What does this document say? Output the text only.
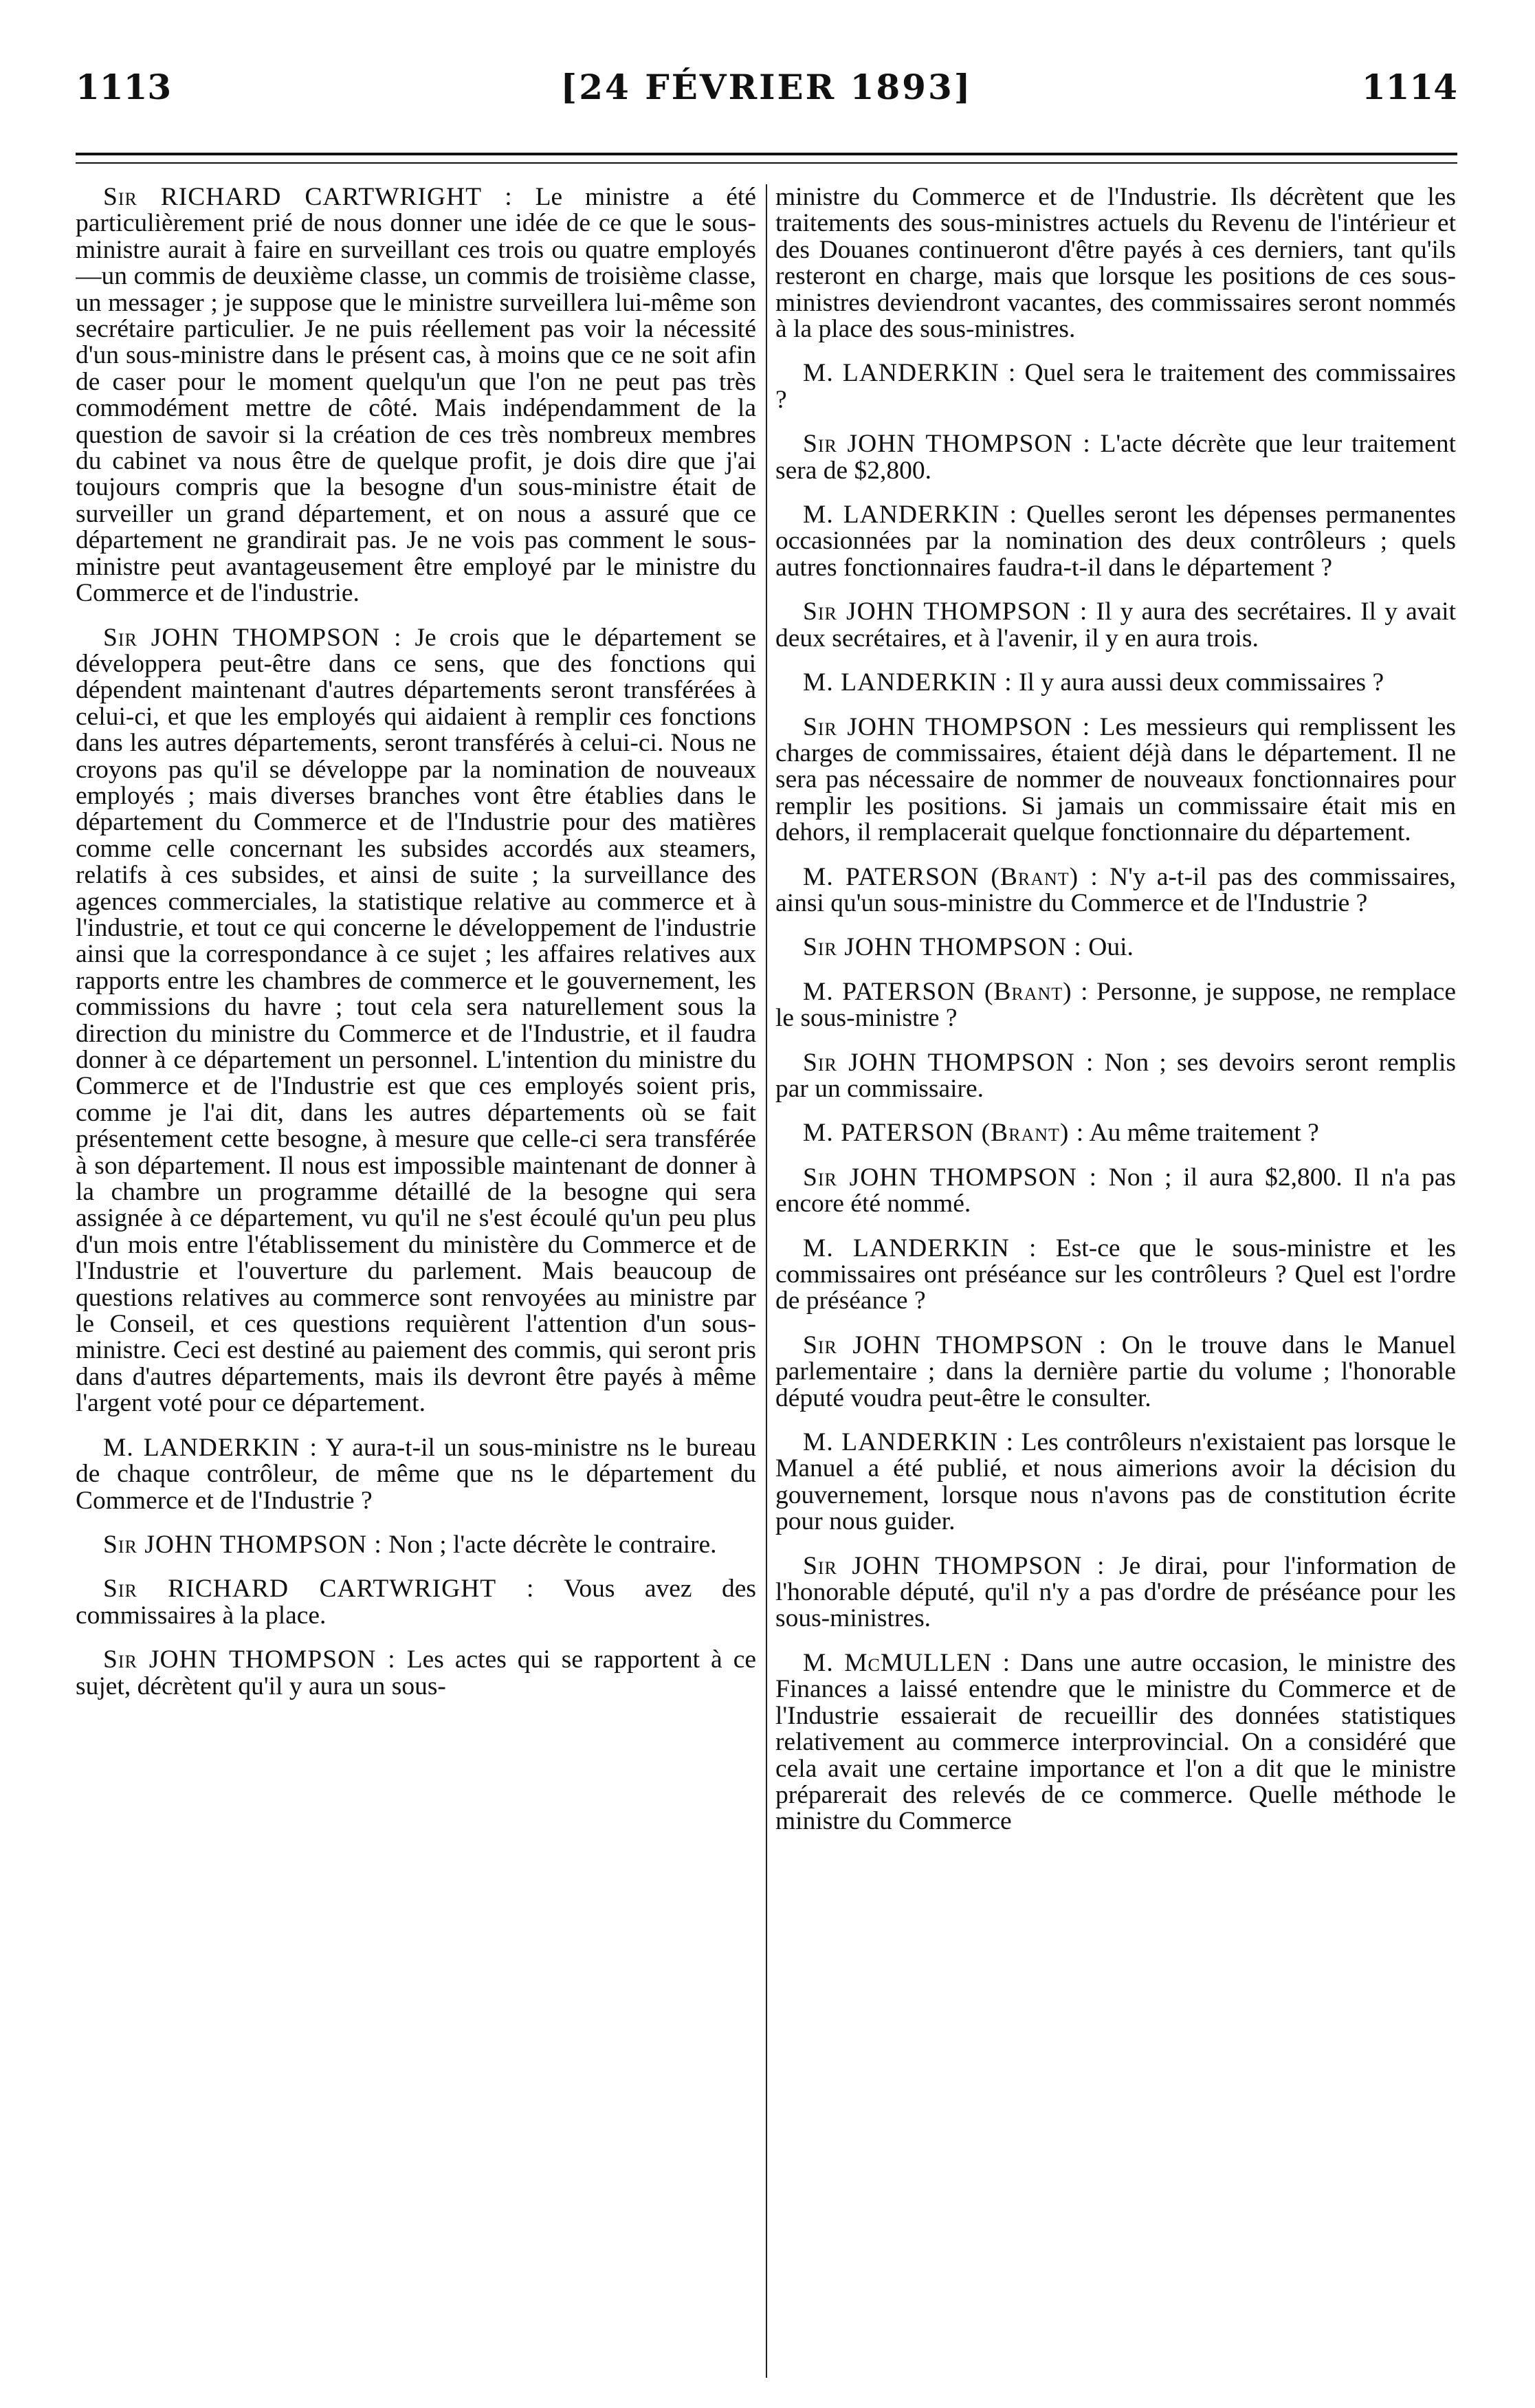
1113	[24 FÉVRIER 1893]	1114

Sir RICHARD CARTWRIGHT : Le ministre a été particulièrement prié de nous donner une idée de ce que le sous-ministre aurait à faire en surveillant ces trois ou quatre employés—un commis de deuxième classe, un commis de troisième classe, un messager ; je suppose que le ministre surveillera lui-même son secrétaire particulier. Je ne puis réellement pas voir la nécessité d'un sous-ministre dans le présent cas, à moins que ce ne soit afin de caser pour le moment quelqu'un que l'on ne peut pas très commodément mettre de côté. Mais indépendamment de la question de savoir si la création de ces très nombreux membres du cabinet va nous être de quelque profit, je dois dire que j'ai toujours compris que la besogne d'un sous-ministre était de surveiller un grand département, et on nous a assuré que ce département ne grandirait pas. Je ne vois pas comment le sous-ministre peut avantageusement être employé par le ministre du Commerce et de l'industrie.

Sir JOHN THOMPSON : Je crois que le département se développera peut-être dans ce sens, que des fonctions qui dépendent maintenant d'autres départements seront transférées à celui-ci, et que les employés qui aidaient à remplir ces fonctions dans les autres départements, seront transférés à celui-ci. Nous ne croyons pas qu'il se développe par la nomination de nouveaux employés ; mais diverses branches vont être établies dans le département du Commerce et de l'Industrie pour des matières comme celle concernant les subsides accordés aux steamers, relatifs à ces subsides, et ainsi de suite ; la surveillance des agences commerciales, la statistique relative au commerce et à l'industrie, et tout ce qui concerne le développement de l'industrie ainsi que la correspondance à ce sujet ; les affaires relatives aux rapports entre les chambres de commerce et le gouvernement, les commissions du havre ; tout cela sera naturellement sous la direction du ministre du Commerce et de l'Industrie, et il faudra donner à ce département un personnel. L'intention du ministre du Commerce et de l'Industrie est que ces employés soient pris, comme je l'ai dit, dans les autres départements où se fait présentement cette besogne, à mesure que celle-ci sera transférée à son département. Il nous est impossible maintenant de donner à la chambre un programme détaillé de la besogne qui sera assignée à ce département, vu qu'il ne s'est écoulé qu'un peu plus d'un mois entre l'établissement du ministère du Commerce et de l'Industrie et l'ouverture du parlement. Mais beaucoup de questions relatives au commerce sont renvoyées au ministre par le Conseil, et ces questions requièrent l'attention d'un sous-ministre. Ceci est destiné au paiement des commis, qui seront pris dans d'autres départements, mais ils devront être payés à même l'argent voté pour ce département.

M. LANDERKIN : Y aura-t-il un sous-ministre ns le bureau de chaque contrôleur, de même que ns le département du Commerce et de l'Industrie ?

Sir JOHN THOMPSON : Non ; l'acte décrète le contraire.

Sir RICHARD CARTWRIGHT : Vous avez des commissaires à la place.

Sir JOHN THOMPSON : Les actes qui se rapportent à ce sujet, décrètent qu'il y aura un sous-

ministre du Commerce et de l'Industrie. Ils décrètent que les traitements des sous-ministres actuels du Revenu de l'intérieur et des Douanes continueront d'être payés à ces derniers, tant qu'ils resteront en charge, mais que lorsque les positions de ces sous-ministres deviendront vacantes, des commissaires seront nommés à la place des sous-ministres.

M. LANDERKIN : Quel sera le traitement des commissaires ?

Sir JOHN THOMPSON : L'acte décrète que leur traitement sera de $2,800.

M. LANDERKIN : Quelles seront les dépenses permanentes occasionnées par la nomination des deux contrôleurs ; quels autres fonctionnaires faudra-t-il dans le département ?

Sir JOHN THOMPSON : Il y aura des secrétaires. Il y avait deux secrétaires, et à l'avenir, il y en aura trois.

M. LANDERKIN : Il y aura aussi deux commissaires ?

Sir JOHN THOMPSON : Les messieurs qui remplissent les charges de commissaires, étaient déjà dans le département. Il ne sera pas nécessaire de nommer de nouveaux fonctionnaires pour remplir les positions. Si jamais un commissaire était mis en dehors, il remplacerait quelque fonctionnaire du département.

M. PATERSON (Brant) : N'y a-t-il pas des commissaires, ainsi qu'un sous-ministre du Commerce et de l'Industrie ?

Sir JOHN THOMPSON : Oui.

M. PATERSON (Brant) : Personne, je suppose, ne remplace le sous-ministre ?

Sir JOHN THOMPSON : Non ; ses devoirs seront remplis par un commissaire.

M. PATERSON (Brant) : Au même traitement ?

Sir JOHN THOMPSON : Non ; il aura $2,800. Il n'a pas encore été nommé.

M. LANDERKIN : Est-ce que le sous-ministre et les commissaires ont préséance sur les contrôleurs ? Quel est l'ordre de préséance ?

Sir JOHN THOMPSON : On le trouve dans le Manuel parlementaire ; dans la dernière partie du volume ; l'honorable député voudra peut-être le consulter.

M. LANDERKIN : Les contrôleurs n'existaient pas lorsque le Manuel a été publié, et nous aimerions avoir la décision du gouvernement, lorsque nous n'avons pas de constitution écrite pour nous guider.

Sir JOHN THOMPSON : Je dirai, pour l'information de l'honorable député, qu'il n'y a pas d'ordre de préséance pour les sous-ministres.

M. McMULLEN : Dans une autre occasion, le ministre des Finances a laissé entendre que le ministre du Commerce et de l'Industrie essaierait de recueillir des données statistiques relativement au commerce interprovincial. On a considéré que cela avait une certaine importance et l'on a dit que le ministre préparerait des relevés de ce commerce. Quelle méthode le ministre du Commerce
